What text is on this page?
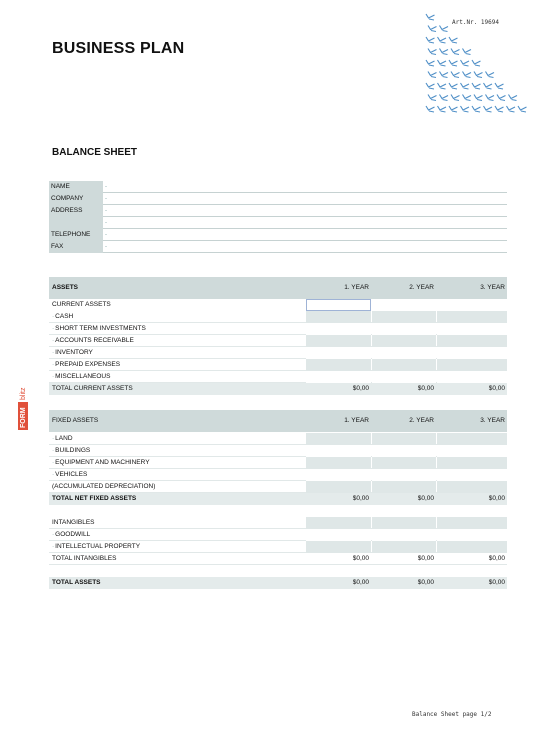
BUSINESS PLAN
Art.Nr. 19694
BALANCE SHEET
NAME	-
COMPANY	-
ADDRESS	-
-
TELEPHONE	-
FAX	-
ASSETS	1. YEAR	2. YEAR	3. YEAR
CURRENT ASSETS
· CASH
· SHORT TERM INVESTMENTS
· ACCOUNTS RECEIVABLE
· INVENTORY
· PREPAID EXPENSES
· MISCELLANEOUS
TOTAL CURRENT ASSETS	$0,00	$0,00	$0,00
FIXED ASSETS	1. YEAR	2. YEAR	3. YEAR
· LAND
· BUILDINGS
· EQUIPMENT AND MACHINERY
· VEHICLES
(ACCUMULATED DEPRECIATION)
TOTAL NET FIXED ASSETS	$0,00	$0,00	$0,00
INTANGIBLES
· GOODWILL
· INTELLECTUAL PROPERTY
TOTAL INTANGIBLES	$0,00	$0,00	$0,00
TOTAL ASSETS	$0,00	$0,00	$0,00
FORM
blitz
Balance Sheet page 1/2
